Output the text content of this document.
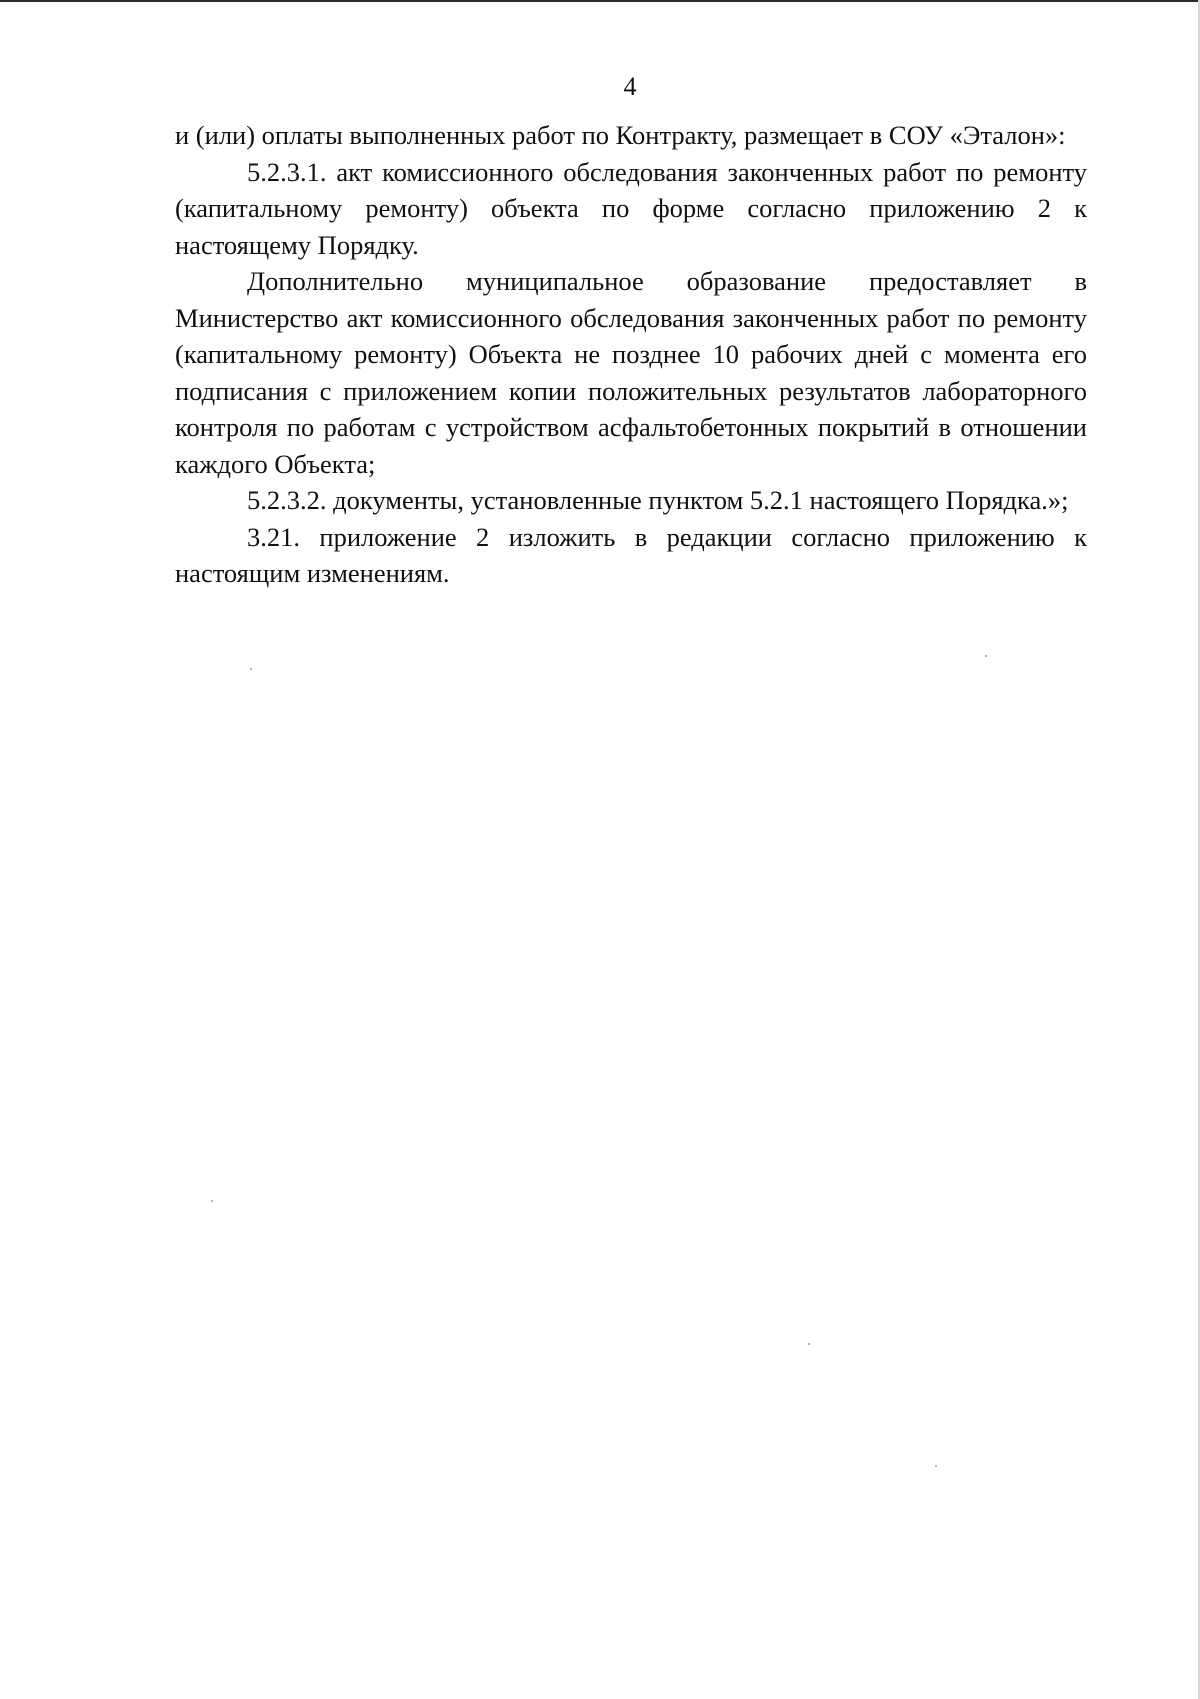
4

и (или) оплаты выполненных работ по Контракту, размещает в СОУ «Эталон»:

5.2.3.1. акт комиссионного обследования законченных работ по ремонту (капитальному ремонту) объекта по форме согласно приложению 2 к настоящему Порядку.

Дополнительно муниципальное образование предоставляет в Министерство акт комиссионного обследования законченных работ по ремонту (капитальному ремонту) Объекта не позднее 10 рабочих дней с момента его подписания с приложением копии положительных результатов лабораторного контроля по работам с устройством асфальтобетонных покрытий в отношении каждого Объекта;

5.2.3.2. документы, установленные пунктом 5.2.1 настоящего Порядка.»;

3.21. приложение 2 изложить в редакции согласно приложению к настоящим изменениям.
